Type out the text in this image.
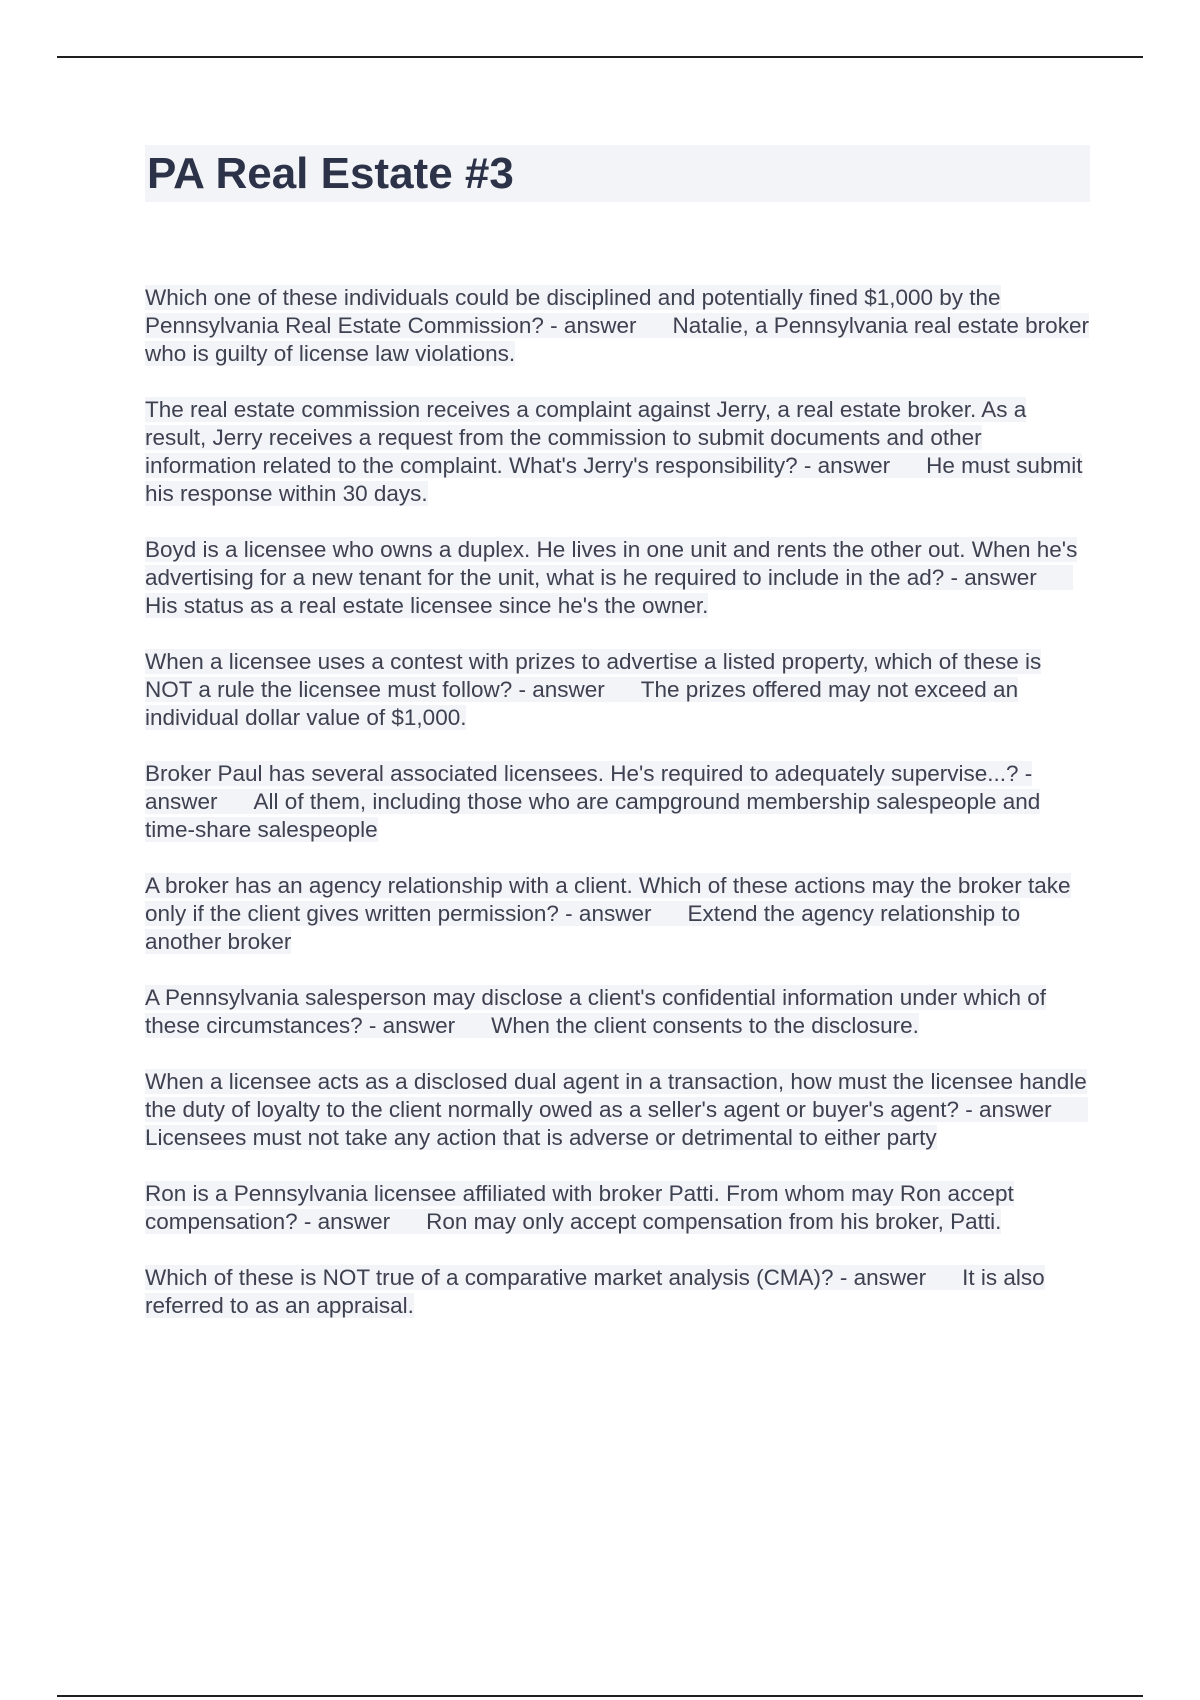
PA Real Estate #3

Which one of these individuals could be disciplined and potentially fined $1,000 by the Pennsylvania Real Estate Commission? - answer Natalie, a Pennsylvania real estate broker who is guilty of license law violations.

The real estate commission receives a complaint against Jerry, a real estate broker. As a result, Jerry receives a request from the commission to submit documents and other information related to the complaint. What's Jerry's responsibility? - answer He must submit his response within 30 days.

Boyd is a licensee who owns a duplex. He lives in one unit and rents the other out. When he's advertising for a new tenant for the unit, what is he required to include in the ad? - answerHis status as a real estate licensee since he's the owner.

When a licensee uses a contest with prizes to advertise a listed property, which of these is NOT a rule the licensee must follow? - answer The prizes offered may not exceed an individual dollar value of $1,000.

Broker Paul has several associated licensees. He's required to adequately supervise...? - answer All of them, including those who are campground membership salespeople and time-share salespeople

A broker has an agency relationship with a client. Which of these actions may the broker take only if the client gives written permission? - answer Extend the agency relationship to another broker

A Pennsylvania salesperson may disclose a client's confidential information under which of these circumstances? - answer When the client consents to the disclosure.

When a licensee acts as a disclosed dual agent in a transaction, how must the licensee handle the duty of loyalty to the client normally owed as a seller's agent or buyer's agent? - answerLicensees must not take any action that is adverse or detrimental to either party

Ron is a Pennsylvania licensee affiliated with broker Patti. From whom may Ron accept compensation? - answer Ron may only accept compensation from his broker, Patti.

Which of these is NOT true of a comparative market analysis (CMA)? - answer It is also referred to as an appraisal.
